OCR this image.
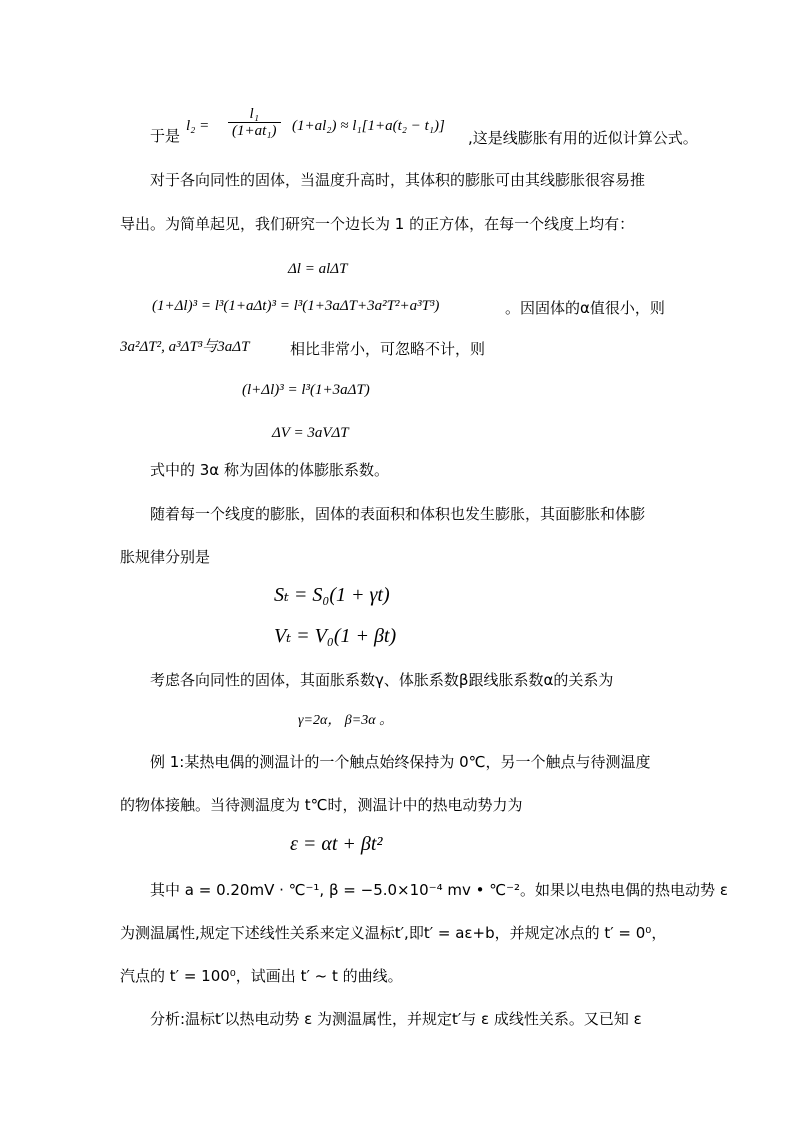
于是
$l_2 = \frac{\text{l₁}}{\text{(1+at₁)}} (1+al_2) \approx l_1[1+a(t_2 - t_1)]$
,这是线膨胀有用的近似计算公式。
对于各向同性的固体，当温度升高时，其体积的膨胀可由其线膨胀很容易推
导出。为简单起见，我们研究一个边长为 1 的正方体，在每一个线度上均有：
Δl = alΔT
(1+Δl)³ = l³(1+aΔt)³ = l³(1+3aΔT+3a²T²+a³T³)	。因固体的α值很小，则
3a²ΔT², a³ΔT³与3aΔT	相比非常小，可忽略不计，则
(l+Δl)³ = l³(1+3aΔT)
ΔV = 3aVΔT
式中的 3α 称为固体的体膨胀系数。
随着每一个线度的膨胀，固体的表面积和体积也发生膨胀，其面膨胀和体膨
胀规律分别是
Sₜ = S₀(1 + γt)
Vₜ = V₀(1 + βt)
考虑各向同性的固体，其面胀系数γ、体胀系数β跟线胀系数α的关系为
γ=2α， β=3α 。
例 1:某热电偶的测温计的一个触点始终保持为 0℃，另一个触点与待测温度
的物体接触。当待测温度为 t℃时，测温计中的热电动势力为
ε = αt + βt²
其中 a = 0.20mV · ℃⁻¹, β = −5.0×10⁻⁴ mv • ℃⁻²。如果以电热电偶的热电动势 ε
为测温属性,规定下述线性关系来定义温标t′,即t′ = aε+b，并规定冰点的 t′ = 0⁰，
汽点的 t′ = 100⁰，试画出 t′ ~ t 的曲线。
分析:温标t′以热电动势 ε 为测温属性，并规定t′与 ε 成线性关系。又已知 ε
